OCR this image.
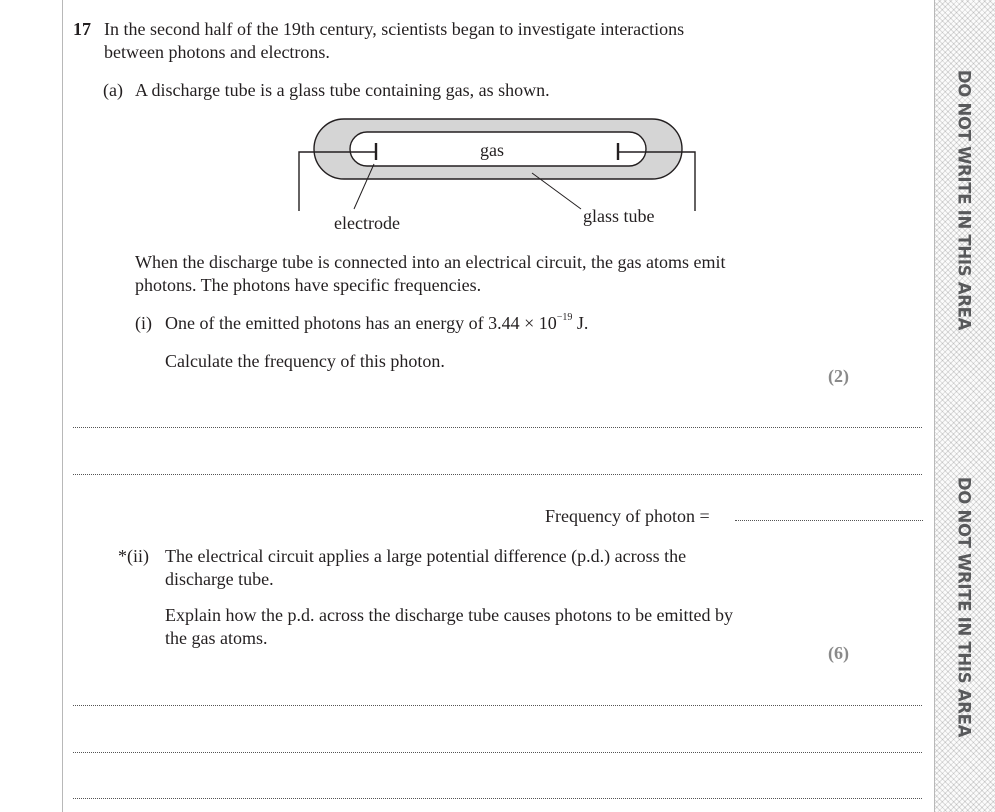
DO NOT WRITE IN THIS AREA
DO NOT WRITE IN THIS AREA
17 In the second half of the 19th century, scientists began to investigate interactions
between photons and electrons.
(a) A discharge tube is a glass tube containing gas, as shown.
gas
electrode	glass tube
When the discharge tube is connected into an electrical circuit, the gas atoms emit
photons. The photons have specific frequencies.
(i) One of the emitted photons has an energy of $3.44 \times 10^{-19}$ J.
Calculate the frequency of this photon.
(2)
Frequency of photon =
*(ii) The electrical circuit applies a large potential difference (p.d.) across the
discharge tube.
Explain how the p.d. across the discharge tube causes photons to be emitted by
the gas atoms.
(6)
